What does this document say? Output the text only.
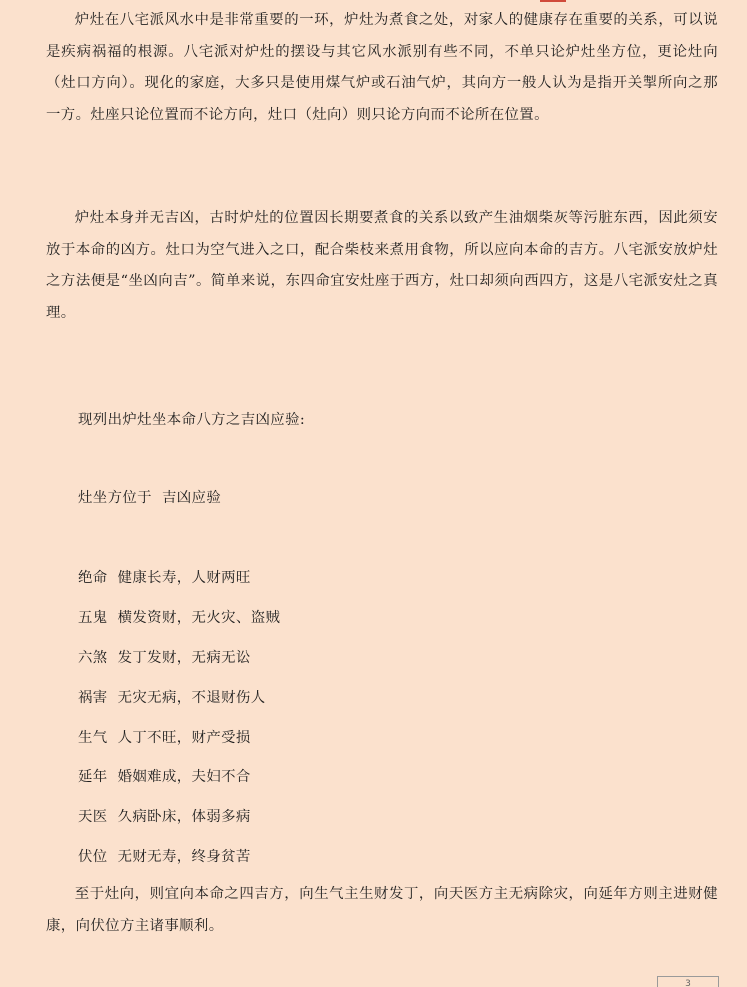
炉灶在八宅派风水中是非常重要的一环，炉灶为煮食之处，对家人的健康存在重要的关系，可以说是疾病祸福的根源。八宅派对炉灶的摆设与其它风水派别有些不同，不单只论炉灶坐方位，更论灶向（灶口方向）。现化的家庭，大多只是使用煤气炉或石油气炉，其向方一般人认为是指开关掣所向之那一方。灶座只论位置而不论方向，灶口（灶向）则只论方向而不论所在位置。

炉灶本身并无吉凶，古时炉灶的位置因长期要煮食的关系以致产生油烟柴灰等污脏东西，因此须安放于本命的凶方。灶口为空气进入之口，配合柴枝来煮用食物，所以应向本命的吉方。八宅派安放炉灶之方法便是“坐凶向吉”。简单来说，东四命宜安灶座于西方，灶口却须向西四方，这是八宅派安灶之真理。

现列出炉灶坐本命八方之吉凶应验:

灶坐方位于 吉凶应验
绝命 健康长寿，人财两旺
五鬼 横发资财，无火灾、盗贼
六煞 发丁发财，无病无讼
祸害 无灾无病，不退财伤人
生气 人丁不旺，财产受损
延年 婚姻难成，夫妇不合
天医 久病卧床，体弱多病
伏位 无财无寿，终身贫苦

至于灶向，则宜向本命之四吉方，向生气主生财发丁，向天医方主无病除灾，向延年方则主进财健康，向伏位方主诸事顺利。

3
